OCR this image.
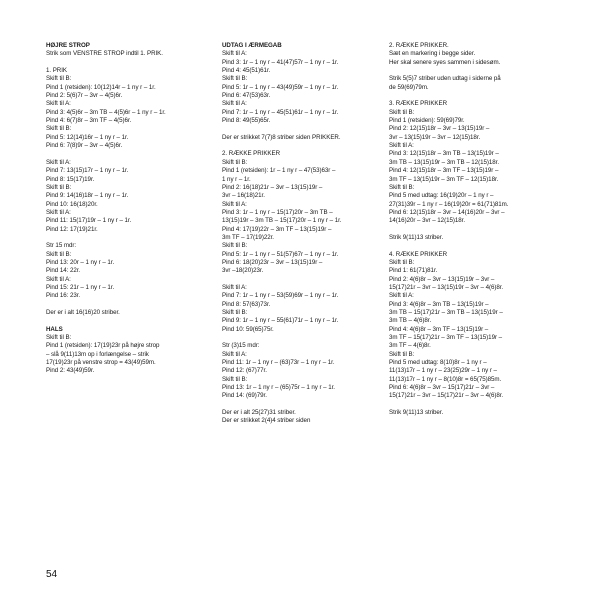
HØJRE STROP
Strik som VENSTRE STROP indtil 1. PRIK.
1. PRIK
Skift til B:
Pind 1 (retsiden): 10(12)14r – 1 ny r – 1r.
Pind 2: 5(6)7r – 3vr – 4(5)6r.
Skift til A:
Pind 3: 4(5)6r – 3m TB – 4(5)6r – 1 ny r – 1r.
Pind 4: 6(7)8r – 3m TF – 4(5)6r.
Skift til B:
Pind 5: 12(14)16r – 1 ny r – 1r.
Pind 6: 7(8)9r – 3vr – 4(5)6r.
Skift til A:
Pind 7: 13(15)17r – 1 ny r – 1r.
Pind 8: 15(17)19r.
Skift til B:
Pind 9: 14(16)18r – 1 ny r – 1r.
Pind 10: 16(18)20r.
Skift til A:
Pind 11: 15(17)19r – 1 ny r – 1r.
Pind 12: 17(19)21r.
Str 15 mdr:
Skift til B:
Pind 13: 20r – 1 ny r – 1r.
Pind 14: 22r.
Skift til A:
Pind 15: 21r – 1 ny r – 1r.
Pind 16: 23r.
Der er i alt 16(16)20 striber.
HALS
Skift til B:
Pind 1 (retsiden): 17(19)23r på højre strop
– slå 9(11)13m op i forlængelse – strik
17(19)23r på venstre strop = 43(49)59m.
Pind 2: 43(49)59r.
UDTAG I ÆRMEGAB
Skift til A:
Pind 3: 1r – 1 ny r – 41(47)57r – 1 ny r – 1r.
Pind 4: 45(51)61r.
Skift til B:
Pind 5: 1r – 1 ny r – 43(49)59r – 1 ny r – 1r.
Pind 6: 47(53)63r.
Skift til A:
Pind 7: 1r – 1 ny r – 45(51)61r – 1 ny r – 1r.
Pind 8: 49(55)65r.
Der er strikket 7(7)8 striber siden PRIKKER.
2. RÆKKE PRIKKER
Skift til B:
Pind 1 (retsiden): 1r – 1 ny r – 47(53)63r –
1 ny r – 1r.
Pind 2: 16(18)21r – 3vr – 13(15)19r –
3vr – 16(18)21r.
Skift til A:
Pind 3: 1r – 1 ny r – 15(17)20r – 3m TB –
13(15)19r – 3m TB – 15(17)20r – 1 ny r – 1r.
Pind 4: 17(19)22r – 3m TF – 13(15)19r –
3m TF – 17(19)22r.
Skift til B:
Pind 5: 1r – 1 ny r – 51(57)67r – 1 ny r – 1r.
Pind 6: 18(20)23r – 3vr – 13(15)19r –
3vr –18(20)23r.
Skift til A:
Pind 7: 1r – 1 ny r – 53(59)69r – 1 ny r – 1r.
Pind 8: 57(63)73r.
Skift til B:
Pind 9: 1r – 1 ny r – 55(61)71r – 1 ny r – 1r.
Pind 10: 59(65)75r.
Str (3)15 mdr:
Skift til A:
Pind 11: 1r – 1 ny r – (63)73r – 1 ny r – 1r.
Pind 12: (67)77r.
Skift til B:
Pind 13: 1r – 1 ny r – (65)75r – 1 ny r – 1r.
Pind 14: (69)79r.
Der er i alt 25(27)31 striber.
Der er strikket 2(4)4 striber siden
2. RÆKKE PRIKKER.
Sæt en markering i begge sider.
Her skal senere syes sammen i sidesøm.
Strik 5(5)7 striber uden udtag i siderne på
de 59(69)79m.
3. RÆKKE PRIKKER
Skift til B:
Pind 1 (retsiden): 59(69)79r.
Pind 2: 12(15)18r – 3vr – 13(15)19r –
3vr – 13(15)19r – 3vr – 12(15)18r.
Skift til A:
Pind 3: 12(15)18r – 3m TB – 13(15)19r –
3m TB – 13(15)19r – 3m TB – 12(15)18r.
Pind 4: 12(15)18r – 3m TF – 13(15)19r –
3m TF – 13(15)19r – 3m TF – 12(15)18r.
Skift til B:
Pind 5 med udtag: 16(19)20r – 1 ny r –
27(31)39r – 1 ny r – 16(19)20r = 61(71)81m.
Pind 6: 12(15)18r – 3vr – 14(16)20r – 3vr –
14(16)20r – 3vr – 12(15)18r.
Strik 9(11)13 striber.
4. RÆKKE PRIKKER
Skift til B:
Pind 1: 61(71)81r.
Pind 2: 4(6)8r – 3vr – 13(15)19r – 3vr –
15(17)21r – 3vr – 13(15)19r – 3vr – 4(6)8r.
Skift til A:
Pind 3: 4(6)8r – 3m TB – 13(15)19r –
3m TB – 15(17)21r – 3m TB – 13(15)19r –
3m TB – 4(6)8r.
Pind 4: 4(6)8r – 3m TF – 13(15)19r –
3m TF – 15(17)21r – 3m TF – 13(15)19r –
3m TF – 4(6)8r.
Skift til B:
Pind 5 med udtag: 8(10)8r – 1 ny r –
11(13)17r – 1 ny r – 23(25)29r – 1 ny r –
11(13)17r – 1 ny r – 8(10)8r = 65(75)85m.
Pind 6: 4(6)8r – 3vr – 15(17)21r – 3vr –
15(17)21r – 3vr – 15(17)21r – 3vr – 4(6)8r.
Strik 9(11)13 striber.
54
